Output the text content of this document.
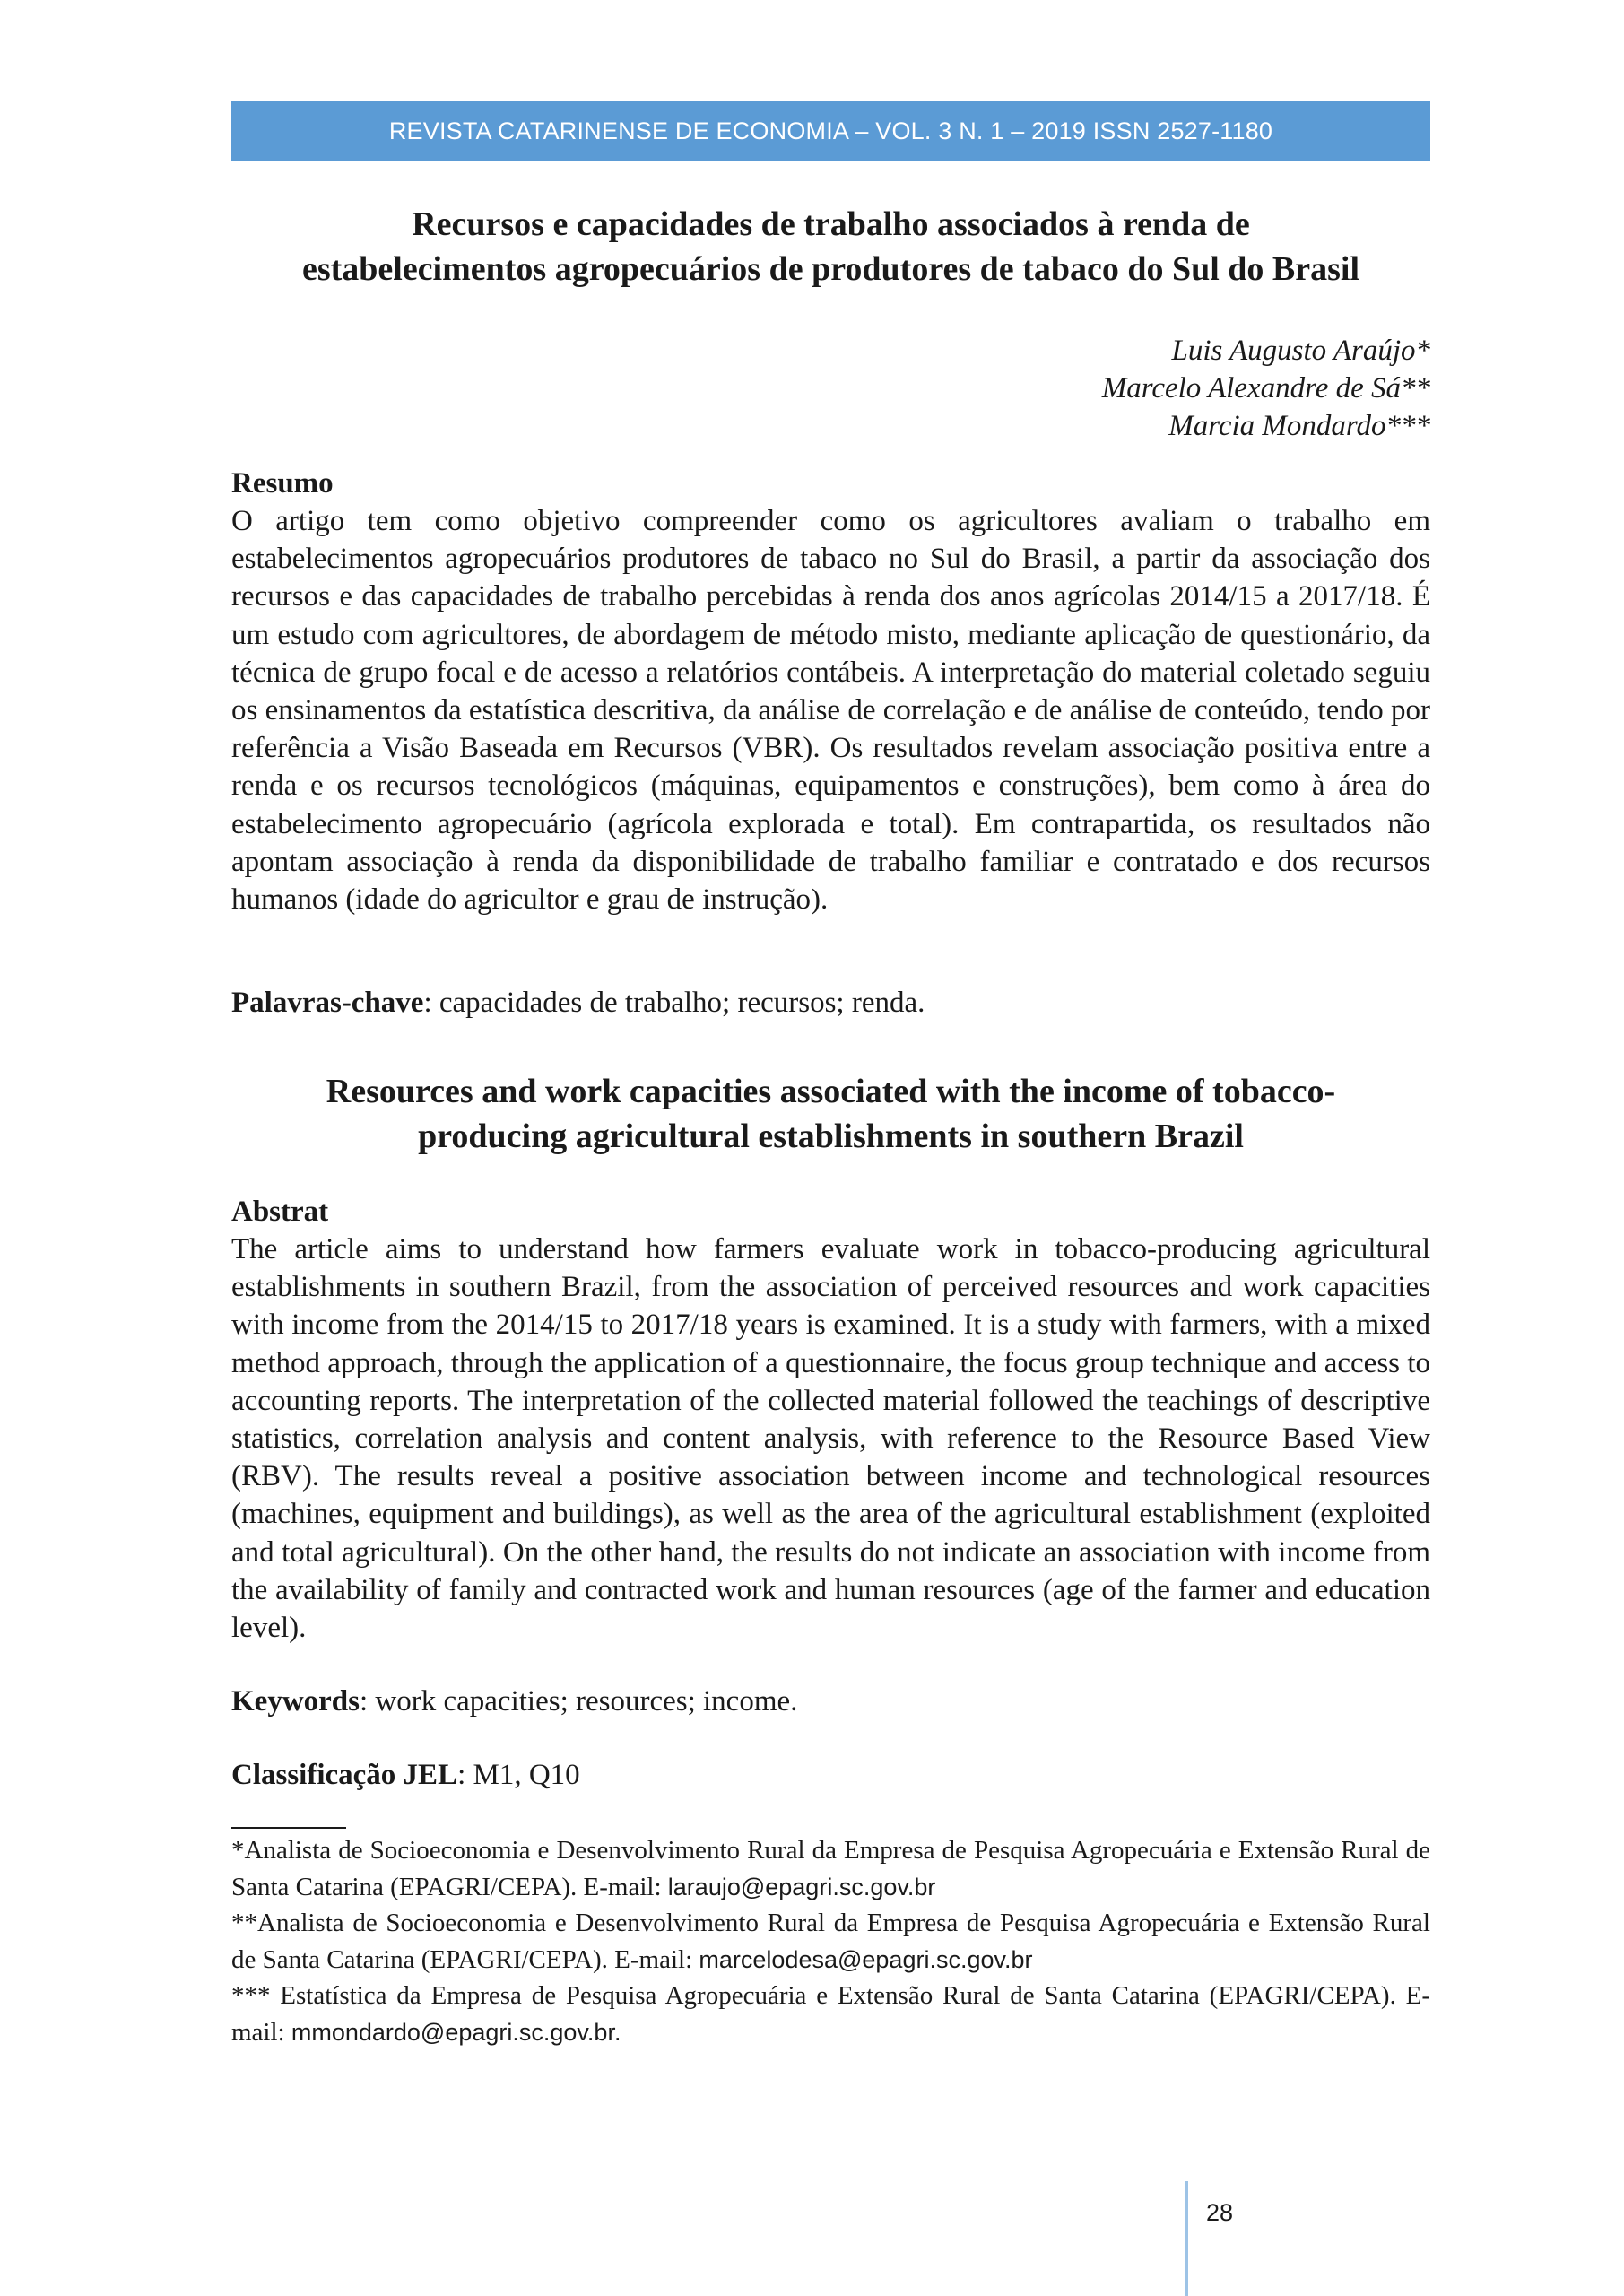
REVISTA CATARINENSE DE ECONOMIA – VOL. 3 N. 1 – 2019 ISSN 2527-1180
Recursos e capacidades de trabalho associados à renda de
estabelecimentos agropecuários de produtores de tabaco do Sul do Brasil
Luis Augusto Araújo*
Marcelo Alexandre de Sá**
Marcia Mondardo***
Resumo
O artigo tem como objetivo compreender como os agricultores avaliam o trabalho em estabelecimentos agropecuários produtores de tabaco no Sul do Brasil, a partir da associação dos recursos e das capacidades de trabalho percebidas à renda dos anos agrícolas 2014/15 a 2017/18. É um estudo com agricultores, de abordagem de método misto, mediante aplicação de questionário, da técnica de grupo focal e de acesso a relatórios contábeis. A interpretação do material coletado seguiu os ensinamentos da estatística descritiva, da análise de correlação e de análise de conteúdo, tendo por referência a Visão Baseada em Recursos (VBR). Os resultados revelam associação positiva entre a renda e os recursos tecnológicos (máquinas, equipamentos e construções), bem como à área do estabelecimento agropecuário (agrícola explorada e total). Em contrapartida, os resultados não apontam associação à renda da disponibilidade de trabalho familiar e contratado e dos recursos humanos (idade do agricultor e grau de instrução).
Palavras-chave: capacidades de trabalho; recursos; renda.
Resources and work capacities associated with the income of tobacco-
producing agricultural establishments in southern Brazil
Abstrat
The article aims to understand how farmers evaluate work in tobacco-producing agricultural establishments in southern Brazil, from the association of perceived resources and work capacities with income from the 2014/15 to 2017/18 years is examined. It is a study with farmers, with a mixed method approach, through the application of a questionnaire, the focus group technique and access to accounting reports. The interpretation of the collected material followed the teachings of descriptive statistics, correlation analysis and content analysis, with reference to the Resource Based View (RBV). The results reveal a positive association between income and technological resources (machines, equipment and buildings), as well as the area of the agricultural establishment (exploited and total agricultural). On the other hand, the results do not indicate an association with income from the availability of family and contracted work and human resources (age of the farmer and education level).
Keywords: work capacities; resources; income.
Classificação JEL: M1, Q10

*Analista de Socioeconomia e Desenvolvimento Rural da Empresa de Pesquisa Agropecuária e Extensão Rural de Santa Catarina (EPAGRI/CEPA). E-mail: laraujo@epagri.sc.gov.br

**Analista de Socioeconomia e Desenvolvimento Rural da Empresa de Pesquisa Agropecuária e Extensão Rural de Santa Catarina (EPAGRI/CEPA). E-mail: marcelodesa@epagri.sc.gov.br

*** Estatística da Empresa de Pesquisa Agropecuária e Extensão Rural de Santa Catarina (EPAGRI/CEPA). E-mail: mmondardo@epagri.sc.gov.br.

28
